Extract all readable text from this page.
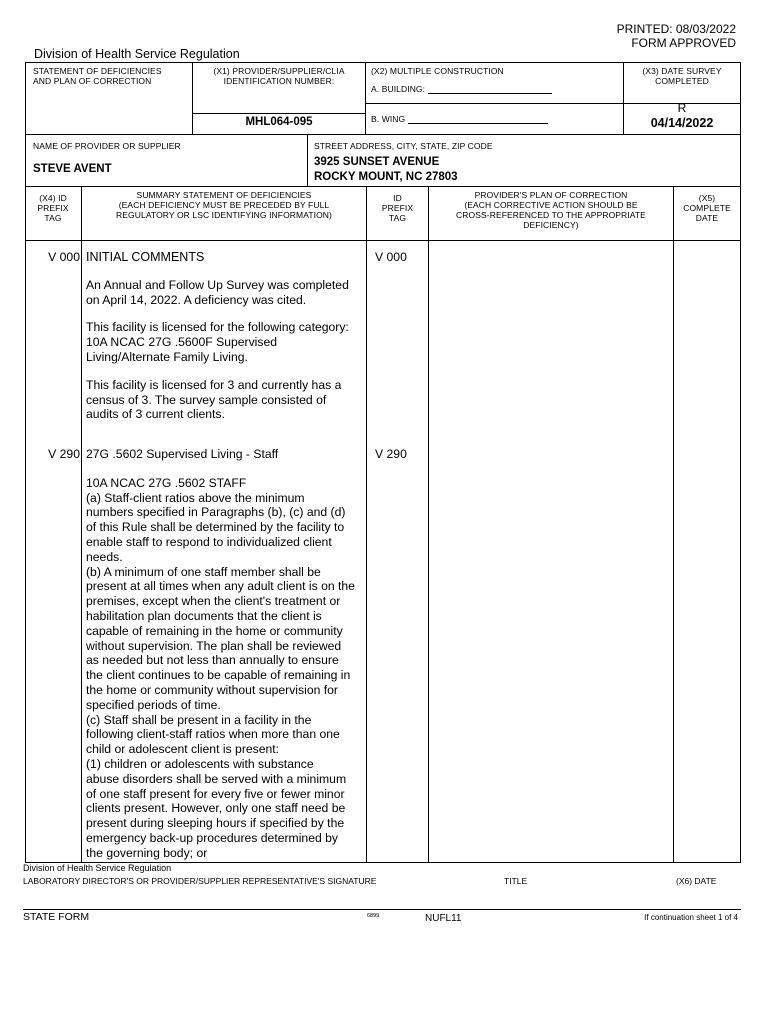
PRINTED: 08/03/2022
FORM APPROVED
Division of Health Service Regulation
STATEMENT OF DEFICIENCIES
AND PLAN OF CORRECTION
(X1) PROVIDER/SUPPLIER/CLIA
IDENTIFICATION NUMBER:
MHL064-095
(X2) MULTIPLE CONSTRUCTION
A. BUILDING:
B. WING
(X3) DATE SURVEY
COMPLETED
R
04/14/2022
NAME OF PROVIDER OR SUPPLIER
STEVE AVENT
STREET ADDRESS, CITY, STATE, ZIP CODE
3925 SUNSET AVENUE
ROCKY MOUNT, NC 27803
(X4) ID
PREFIX
TAG
SUMMARY STATEMENT OF DEFICIENCIES
(EACH DEFICIENCY MUST BE PRECEDED BY FULL
REGULATORY OR LSC IDENTIFYING INFORMATION)
ID
PREFIX
TAG
PROVIDER'S PLAN OF CORRECTION
(EACH CORRECTIVE ACTION SHOULD BE
CROSS-REFERENCED TO THE APPROPRIATE
DEFICIENCY)
(X5)
COMPLETE
DATE
V 000	V 000
INITIAL COMMENTS
An Annual and Follow Up Survey was completed
on April 14, 2022. A deficiency was cited.
This facility is licensed for the following category:
10A NCAC 27G .5600F Supervised
Living/Alternate Family Living.
This facility is licensed for 3 and currently has a
census of 3. The survey sample consisted of
audits of 3 current clients.
V 290	V 290
27G .5602 Supervised Living - Staff
10A NCAC 27G .5602 STAFF
(a) Staff-client ratios above the minimum
numbers specified in Paragraphs (b), (c) and (d)
of this Rule shall be determined by the facility to
enable staff to respond to individualized client
needs.
(b) A minimum of one staff member shall be
present at all times when any adult client is on the
premises, except when the client's treatment or
habilitation plan documents that the client is
capable of remaining in the home or community
without supervision. The plan shall be reviewed
as needed but not less than annually to ensure
the client continues to be capable of remaining in
the home or community without supervision for
specified periods of time.
(c) Staff shall be present in a facility in the
following client-staff ratios when more than one
child or adolescent client is present:
(1) children or adolescents with substance
abuse disorders shall be served with a minimum
of one staff present for every five or fewer minor
clients present. However, only one staff need be
present during sleeping hours if specified by the
emergency back-up procedures determined by
the governing body; or
Division of Health Service Regulation
LABORATORY DIRECTOR'S OR PROVIDER/SUPPLIER REPRESENTATIVE'S SIGNATURE	TITLE	(X6) DATE
STATE FORM	6899	NUFL11	If continuation sheet 1 of 4
